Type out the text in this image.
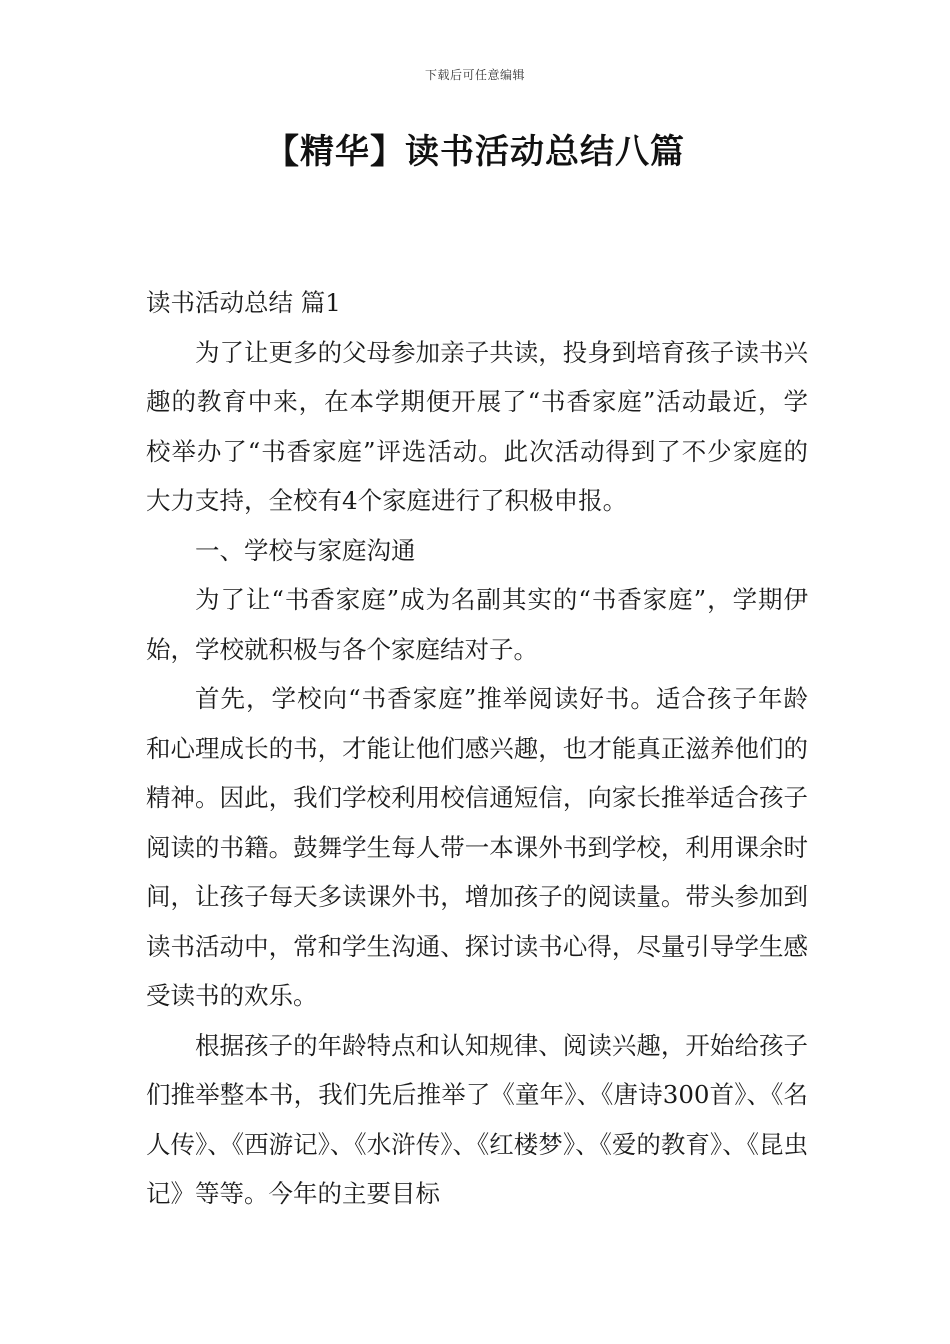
下载后可任意编辑
【精华】读书活动总结八篇

读书活动总结 篇1

为了让更多的父母参加亲子共读，投身到培育孩子读书兴趣的教育中来，在本学期便开展了“书香家庭”活动最近，学校举办了“书香家庭”评选活动。此次活动得到了不少家庭的大力支持，全校有4个家庭进行了积极申报。

一、学校与家庭沟通

为了让“书香家庭”成为名副其实的“书香家庭”，学期伊始，学校就积极与各个家庭结对子。

首先，学校向“书香家庭”推举阅读好书。适合孩子年龄和心理成长的书，才能让他们感兴趣，也才能真正滋养他们的精神。因此，我们学校利用校信通短信，向家长推举适合孩子阅读的书籍。鼓舞学生每人带一本课外书到学校，利用课余时间，让孩子每天多读课外书，增加孩子的阅读量。带头参加到读书活动中，常和学生沟通、探讨读书心得，尽量引导学生感受读书的欢乐。

根据孩子的年龄特点和认知规律、阅读兴趣，开始给孩子们推举整本书，我们先后推举了《童年》、《唐诗300首》、《名人传》、《西游记》、《水浒传》、《红楼梦》、《爱的教育》、《昆虫记》等等。今年的主要目标
